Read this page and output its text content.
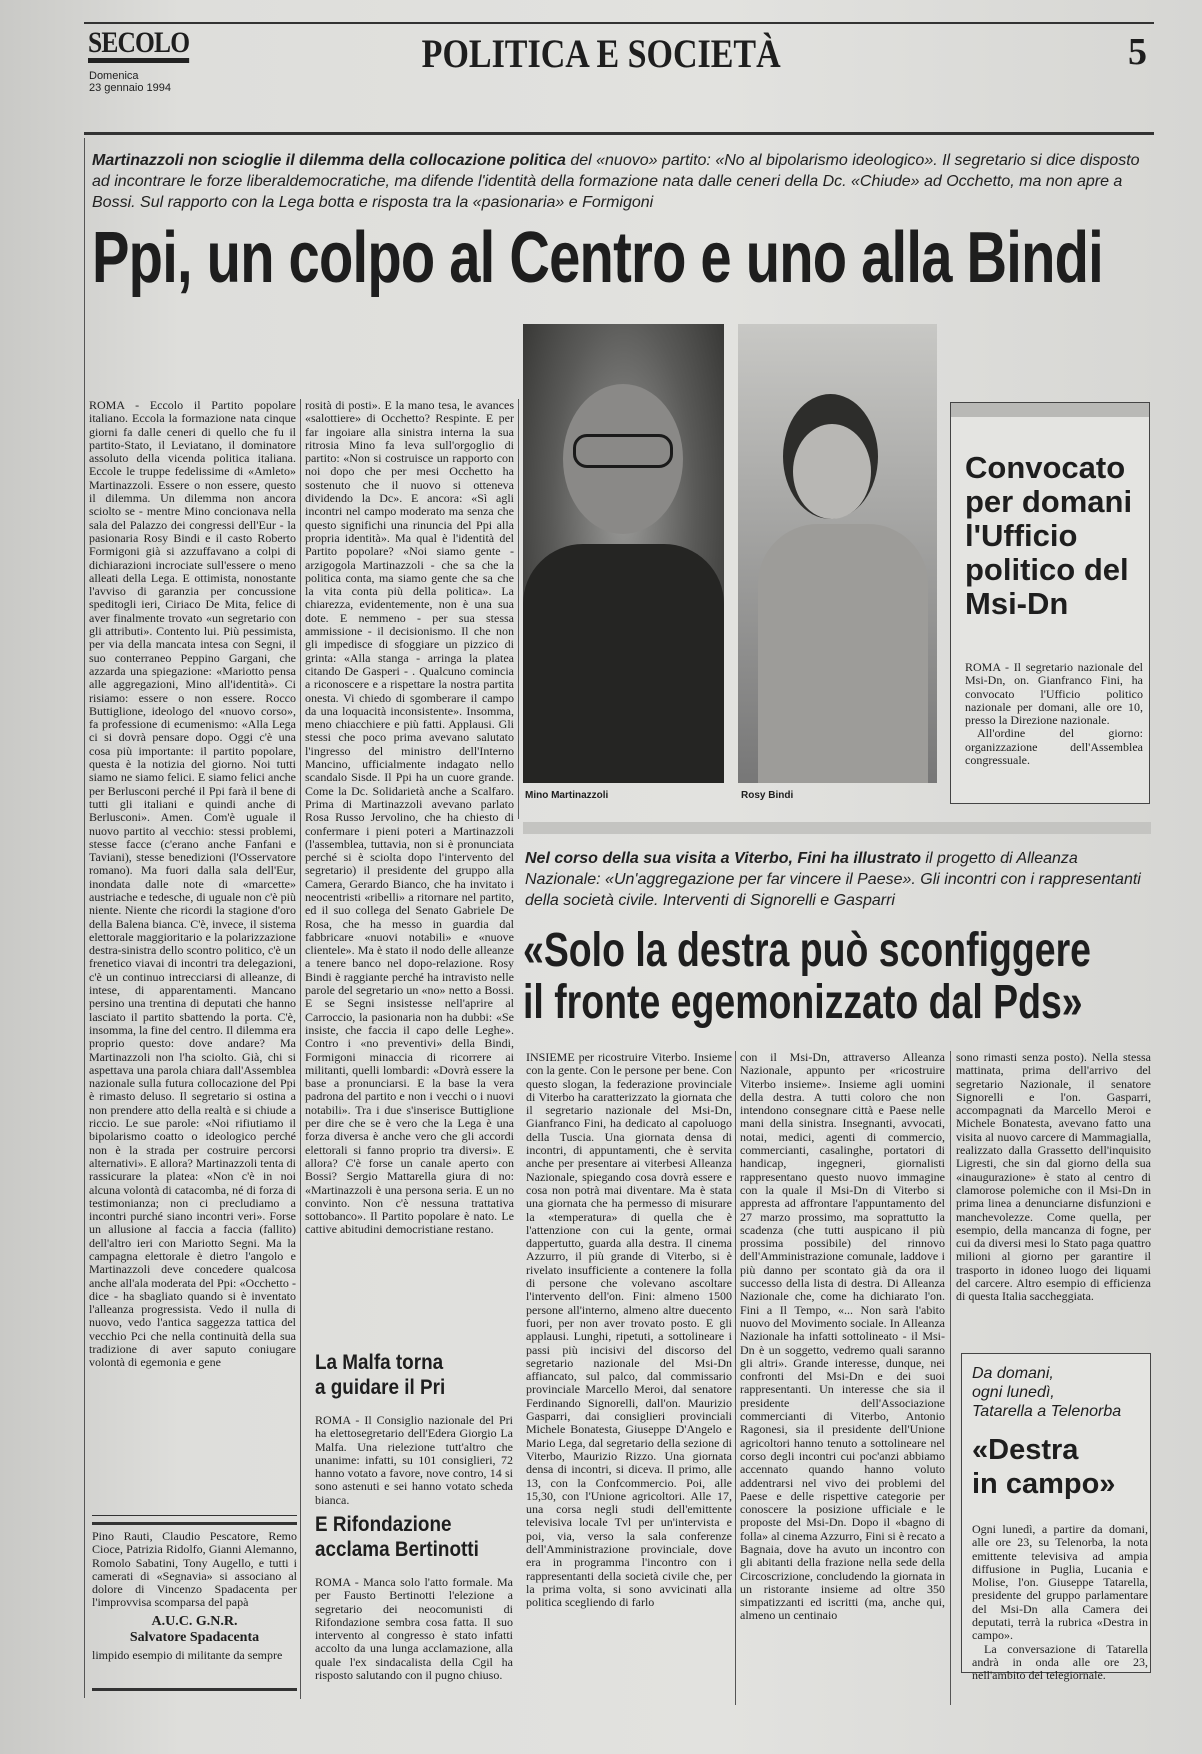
SECOLO
Domenica
23 gennaio 1994
POLITICA E SOCIETÀ	5
Martinazzoli non scioglie il dilemma della collocazione politica del «nuovo» partito: «No al bipolarismo ideologico». Il segretario si dice disposto ad incontrare le forze liberaldemocratiche, ma difende l'identità della formazione nata dalle ceneri della Dc. «Chiude» ad Occhetto, ma non apre a Bossi. Sul rapporto con la Lega botta e risposta tra la «pasionaria» e Formigoni
Ppi, un colpo al Centro e uno alla Bindi

ROMA - Eccolo il Partito popolare italiano. Eccola la formazione nata cinque giorni fa dalle ceneri di quello che fu il partito-Stato, il Leviatano, il dominatore assoluto della vicenda politica italiana. Eccole le truppe fedelissime di «Amleto» Martinazzoli. Essere o non essere, questo il dilemma. Un dilemma non ancora sciolto se - mentre Mino concionava nella sala del Palazzo dei congressi dell'Eur - la pasionaria Rosy Bindi e il casto Roberto Formigoni già si azzuffavano a colpi di dichiarazioni incrociate sull'essere o meno alleati della Lega. E ottimista, nonostante l'avviso di garanzia per concussione speditogli ieri, Ciriaco De Mita, felice di aver finalmente trovato «un segretario con gli attributi». Contento lui. Più pessimista, per via della mancata intesa con Segni, il suo conterraneo Peppino Gargani, che azzarda una spiegazione: «Mariotto pensa alle aggregazioni, Mino all'identità». Ci risiamo: essere o non essere. Rocco Buttiglione, ideologo del «nuovo corso», fa professione di ecumenismo: «Alla Lega ci si dovrà pensare dopo. Oggi c'è una cosa più importante: il partito popolare, questa è la notizia del giorno. Noi tutti siamo ne siamo felici. E siamo felici anche per Berlusconi perché il Ppi farà il bene di tutti gli italiani e quindi anche di Berlusconi». Amen. Com'è uguale il nuovo partito al vecchio: stessi problemi, stesse facce (c'erano anche Fanfani e Taviani), stesse benedizioni (l'Osservatore romano). Ma fuori dalla sala dell'Eur, inondata dalle note di «marcette» austriache e tedesche, di uguale non c'è più niente. Niente che ricordi la stagione d'oro della Balena bianca. C'è, invece, il sistema elettorale maggioritario e la polarizzazione destra-sinistra dello scontro politico, c'è un frenetico viavai di incontri tra delegazioni, c'è un continuo intrecciarsi di alleanze, di intese, di apparentamenti. Mancano persino una trentina di deputati che hanno lasciato il partito sbattendo la porta. C'è, insomma, la fine del centro. Il dilemma era proprio questo: dove andare? Ma Martinazzoli non l'ha sciolto. Già, chi si aspettava una parola chiara dall'Assemblea nazionale sulla futura collocazione del Ppi è rimasto deluso. Il segretario si ostina a non prendere atto della realtà e si chiude a riccio. Le sue parole: «Noi rifiutiamo il bipolarismo coatto o ideologico perché non è la strada per costruire percorsi alternativi». E allora? Martinazzoli tenta di rassicurare la platea: «Non c'è in noi alcuna volontà di catacomba, né di forza di testimonianza; non ci precludiamo a incontri purché siano incontri veri». Forse un allusione al faccia a faccia (fallito) dell'altro ieri con Mariotto Segni. Ma la campagna elettorale è dietro l'angolo e Martinazzoli deve concedere qualcosa anche all'ala moderata del Ppi: «Occhetto - dice - ha sbagliato quando si è inventato l'alleanza progressista. Vedo il nulla di nuovo, vedo l'antica saggezza tattica del vecchio Pci che nella continuità della sua tradizione di aver saputo coniugare volontà di egemonia e gene

rosità di posti». E la mano tesa, le avances «salottiere» di Occhetto? Respinte. E per far ingoiare alla sinistra interna la sua ritrosia Mino fa leva sull'orgoglio di partito: «Non si costruisce un rapporto con noi dopo che per mesi Occhetto ha sostenuto che il nuovo si otteneva dividendo la Dc». E ancora: «Sì agli incontri nel campo moderato ma senza che questo significhi una rinuncia del Ppi alla propria identità». Ma qual è l'identità del Partito popolare? «Noi siamo gente - arzigogola Martinazzoli - che sa che la politica conta, ma siamo gente che sa che la vita conta più della politica». La chiarezza, evidentemente, non è una sua dote. E nemmeno - per sua stessa ammissione - il decisionismo. Il che non gli impedisce di sfoggiare un pizzico di grinta: «Alla stanga - arringa la platea citando De Gasperi - . Qualcuno comincia a riconoscere e a rispettare la nostra partita onesta. Vi chiedo di sgomberare il campo da una loquacità inconsistente». Insomma, meno chiacchiere e più fatti. Applausi. Gli stessi che poco prima avevano salutato l'ingresso del ministro dell'Interno Mancino, ufficialmente indagato nello scandalo Sisde. Il Ppi ha un cuore grande. Come la Dc. Solidarietà anche a Scalfaro. Prima di Martinazzoli avevano parlato Rosa Russo Jervolino, che ha chiesto di confermare i pieni poteri a Martinazzoli (l'assemblea, tuttavia, non si è pronunciata perché si è sciolta dopo l'intervento del segretario) il presidente del gruppo alla Camera, Gerardo Bianco, che ha invitato i neocentristi «ribelli» a ritornare nel partito, ed il suo collega del Senato Gabriele De Rosa, che ha messo in guardia dal fabbricare «nuovi notabili» e «nuove clientele». Ma è stato il nodo delle alleanze a tenere banco nel dopo-relazione. Rosy Bindi è raggiante perché ha intravisto nelle parole del segretario un «no» netto a Bossi. E se Segni insistesse nell'aprire al Carroccio, la pasionaria non ha dubbi: «Se insiste, che faccia il capo delle Leghe». Contro i «no preventivi» della Bindi, Formigoni minaccia di ricorrere ai militanti, quelli lombardi: «Dovrà essere la base a pronunciarsi. E la base la vera padrona del partito e non i vecchi o i nuovi notabili». Tra i due s'inserisce Buttiglione per dire che se è vero che la Lega è una forza diversa è anche vero che gli accordi elettorali si fanno proprio tra diversi». E allora? C'è forse un canale aperto con Bossi? Sergio Mattarella giura di no: «Martinazzoli è una persona seria. E un no convinto. Non c'è nessuna trattativa sottobanco». Il Partito popolare è nato. Le cattive abitudini democristiane restano.

Pino Rauti, Claudio Pescatore, Remo Cioce, Patrizia Ridolfo, Gianni Alemanno, Romolo Sabatini, Tony Augello, e tutti i camerati di «Segnavia» si associano al dolore di Vincenzo Spadacenta per l'improvvisa scomparsa del papà

A.U.C. G.N.R.

Salvatore Spadacenta

limpido esempio di militante da sempre

La Malfa torna
a guidare il Pri

ROMA - Il Consiglio nazionale del Pri ha elettosegretario dell'Edera Giorgio La Malfa. Una rielezione tutt'altro che unanime: infatti, su 101 consiglieri, 72 hanno votato a favore, nove contro, 14 si sono astenuti e sei hanno votato scheda bianca.

E Rifondazione
acclama Bertinotti

ROMA - Manca solo l'atto formale. Ma per Fausto Bertinotti l'elezione a segretario dei neocomunisti di Rifondazione sembra cosa fatta. Il suo intervento al congresso è stato infatti accolto da una lunga acclamazione, alla quale l'ex sindacalista della Cgil ha risposto salutando con il pugno chiuso.

Mino Martinazzoli	Rosy Bindi
Convocato per domani l'Ufficio politico del Msi-Dn

ROMA - Il segretario nazionale del Msi-Dn, on. Gianfranco Fini, ha convocato l'Ufficio politico nazionale per domani, alle ore 10, presso la Direzione nazionale.

All'ordine del giorno: organizzazione dell'Assemblea congressuale.

Nel corso della sua visita a Viterbo, Fini ha illustrato il progetto di Alleanza Nazionale: «Un'aggregazione per far vincere il Paese». Gli incontri con i rappresentanti della società civile. Interventi di Signorelli e Gasparri
«Solo la destra può sconfiggere
il fronte egemonizzato dal Pds»

INSIEME per ricostruire Viterbo. Insieme con la gente. Con le persone per bene. Con questo slogan, la federazione provinciale di Viterbo ha caratterizzato la giornata che il segretario nazionale del Msi-Dn, Gianfranco Fini, ha dedicato al capoluogo della Tuscia. Una giornata densa di incontri, di appuntamenti, che è servita anche per presentare ai viterbesi Alleanza Nazionale, spiegando cosa dovrà essere e cosa non potrà mai diventare. Ma è stata una giornata che ha permesso di misurare la «temperatura» di quella che è l'attenzione con cui la gente, ormai dappertutto, guarda alla destra. Il cinema Azzurro, il più grande di Viterbo, si è rivelato insufficiente a contenere la folla di persone che volevano ascoltare l'intervento dell'on. Fini: almeno 1500 persone all'interno, almeno altre duecento fuori, per non aver trovato posto. E gli applausi. Lunghi, ripetuti, a sottolineare i passi più incisivi del discorso del segretario nazionale del Msi-Dn affiancato, sul palco, dal commissario provinciale Marcello Meroi, dal senatore Ferdinando Signorelli, dall'on. Maurizio Gasparri, dai consiglieri provinciali Michele Bonatesta, Giuseppe D'Angelo e Mario Lega, dal segretario della sezione di Viterbo, Maurizio Rizzo. Una giornata densa di incontri, si diceva. Il primo, alle 13, con la Confcommercio. Poi, alle 15,30, con l'Unione agricoltori. Alle 17, una corsa negli studi dell'emittente televisiva locale Tvl per un'intervista e poi, via, verso la sala conferenze dell'Amministrazione provinciale, dove era in programma l'incontro con i rappresentanti della società civile che, per la prima volta, si sono avvicinati alla politica scegliendo di farlo

con il Msi-Dn, attraverso Alleanza Nazionale, appunto per «ricostruire Viterbo insieme». Insieme agli uomini della destra. A tutti coloro che non intendono consegnare città e Paese nelle mani della sinistra. Insegnanti, avvocati, notai, medici, agenti di commercio, commercianti, casalinghe, portatori di handicap, ingegneri, giornalisti rappresentano questo nuovo immagine con la quale il Msi-Dn di Viterbo si appresta ad affrontare l'appuntamento del 27 marzo prossimo, ma soprattutto la scadenza (che tutti auspicano il più prossima possibile) del rinnovo dell'Amministrazione comunale, laddove i più danno per scontato già da ora il successo della lista di destra. Di Alleanza Nazionale che, come ha dichiarato l'on. Fini a Il Tempo, «... Non sarà l'abito nuovo del Movimento sociale. In Alleanza Nazionale ha infatti sottolineato - il Msi-Dn è un soggetto, vedremo quali saranno gli altri». Grande interesse, dunque, nei confronti del Msi-Dn e dei suoi rappresentanti. Un interesse che sia il presidente dell'Associazione commercianti di Viterbo, Antonio Ragonesi, sia il presidente dell'Unione agricoltori hanno tenuto a sottolineare nel corso degli incontri cui poc'anzi abbiamo accennato quando hanno voluto addentrarsi nel vivo dei problemi del Paese e delle rispettive categorie per conoscere la posizione ufficiale e le proposte del Msi-Dn. Dopo il «bagno di folla» al cinema Azzurro, Fini si è recato a Bagnaia, dove ha avuto un incontro con gli abitanti della frazione nella sede della Circoscrizione, concludendo la giornata in un ristorante insieme ad oltre 350 simpatizzanti ed iscritti (ma, anche qui, almeno un centinaio

sono rimasti senza posto). Nella stessa mattinata, prima dell'arrivo del segretario Nazionale, il senatore Signorelli e l'on. Gasparri, accompagnati da Marcello Meroi e Michele Bonatesta, avevano fatto una visita al nuovo carcere di Mammagialla, realizzato dalla Grassetto dell'inquisito Ligresti, che sin dal giorno della sua «inaugurazione» è stato al centro di clamorose polemiche con il Msi-Dn in prima linea a denunciarne disfunzioni e manchevolezze. Come quella, per esempio, della mancanza di fogne, per cui da diversi mesi lo Stato paga quattro milioni al giorno per garantire il trasporto in idoneo luogo dei liquami del carcere. Altro esempio di efficienza di questa Italia saccheggiata.

Da domani,
ogni lunedì,
Tatarella a Telenorba
«Destra
in campo»

Ogni lunedì, a partire da domani, alle ore 23, su Telenorba, la nota emittente televisiva ad ampia diffusione in Puglia, Lucania e Molise, l'on. Giuseppe Tatarella, presidente del gruppo parlamentare del Msi-Dn alla Camera dei deputati, terrà la rubrica «Destra in campo».

La conversazione di Tatarella andrà in onda alle ore 23, nell'ambito del telegiornale.
